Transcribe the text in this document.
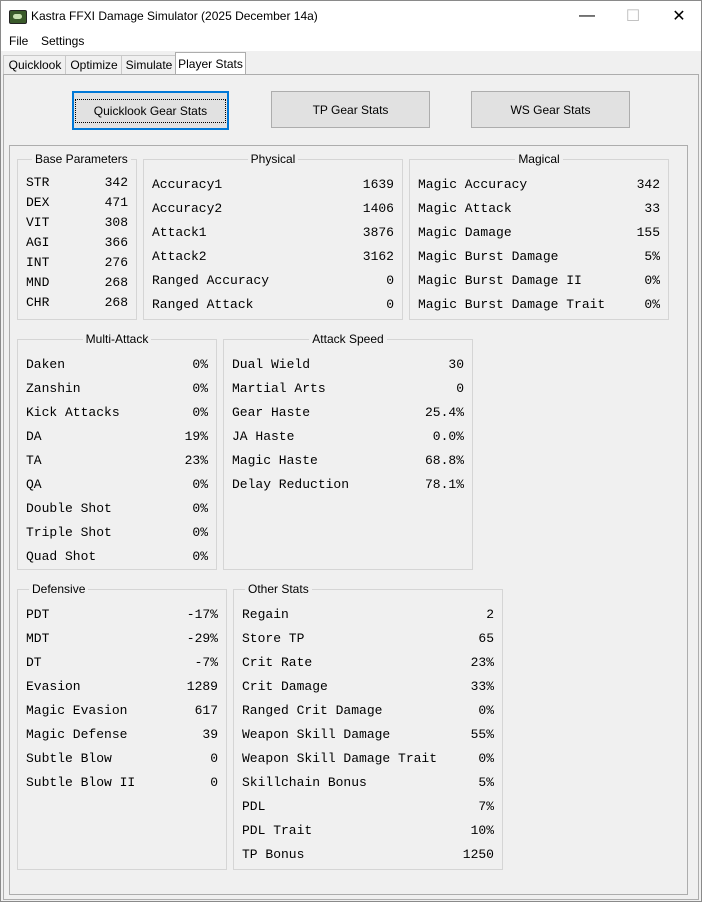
Kastra FFXI Damage Simulator (2025 December 14a)	—	☐	✕
File Settings
Quicklook Optimize Simulate Player Stats
Quicklook Gear Stats	TP Gear Stats	WS Gear Stats
Base Parameters
STR	342
DEX	471
VIT	308
AGI	366
INT	276
MND	268
CHR	268
Physical
Accuracy1	1639
Accuracy2	1406
Attack1	3876
Attack2	3162
Ranged Accuracy	0
Ranged Attack	0
Magical
Magic Accuracy	342
Magic Attack	33
Magic Damage	155
Magic Burst Damage	5%
Magic Burst Damage II	0%
Magic Burst Damage Trait	0%
Multi-Attack
Daken	0%
Zanshin	0%
Kick Attacks	0%
DA	19%
TA	23%
QA	0%
Double Shot	0%
Triple Shot	0%
Quad Shot	0%
Attack Speed
Dual Wield	30
Martial Arts	0
Gear Haste	25.4%
JA Haste	0.0%
Magic Haste	68.8%
Delay Reduction	78.1%
Defensive
PDT	-17%
MDT	-29%
DT	-7%
Evasion	1289
Magic Evasion	617
Magic Defense	39
Subtle Blow	0
Subtle Blow II	0
Other Stats
Regain	2
Store TP	65
Crit Rate	23%
Crit Damage	33%
Ranged Crit Damage	0%
Weapon Skill Damage	55%
Weapon Skill Damage Trait	0%
Skillchain Bonus	5%
PDL	7%
PDL Trait	10%
TP Bonus	1250
